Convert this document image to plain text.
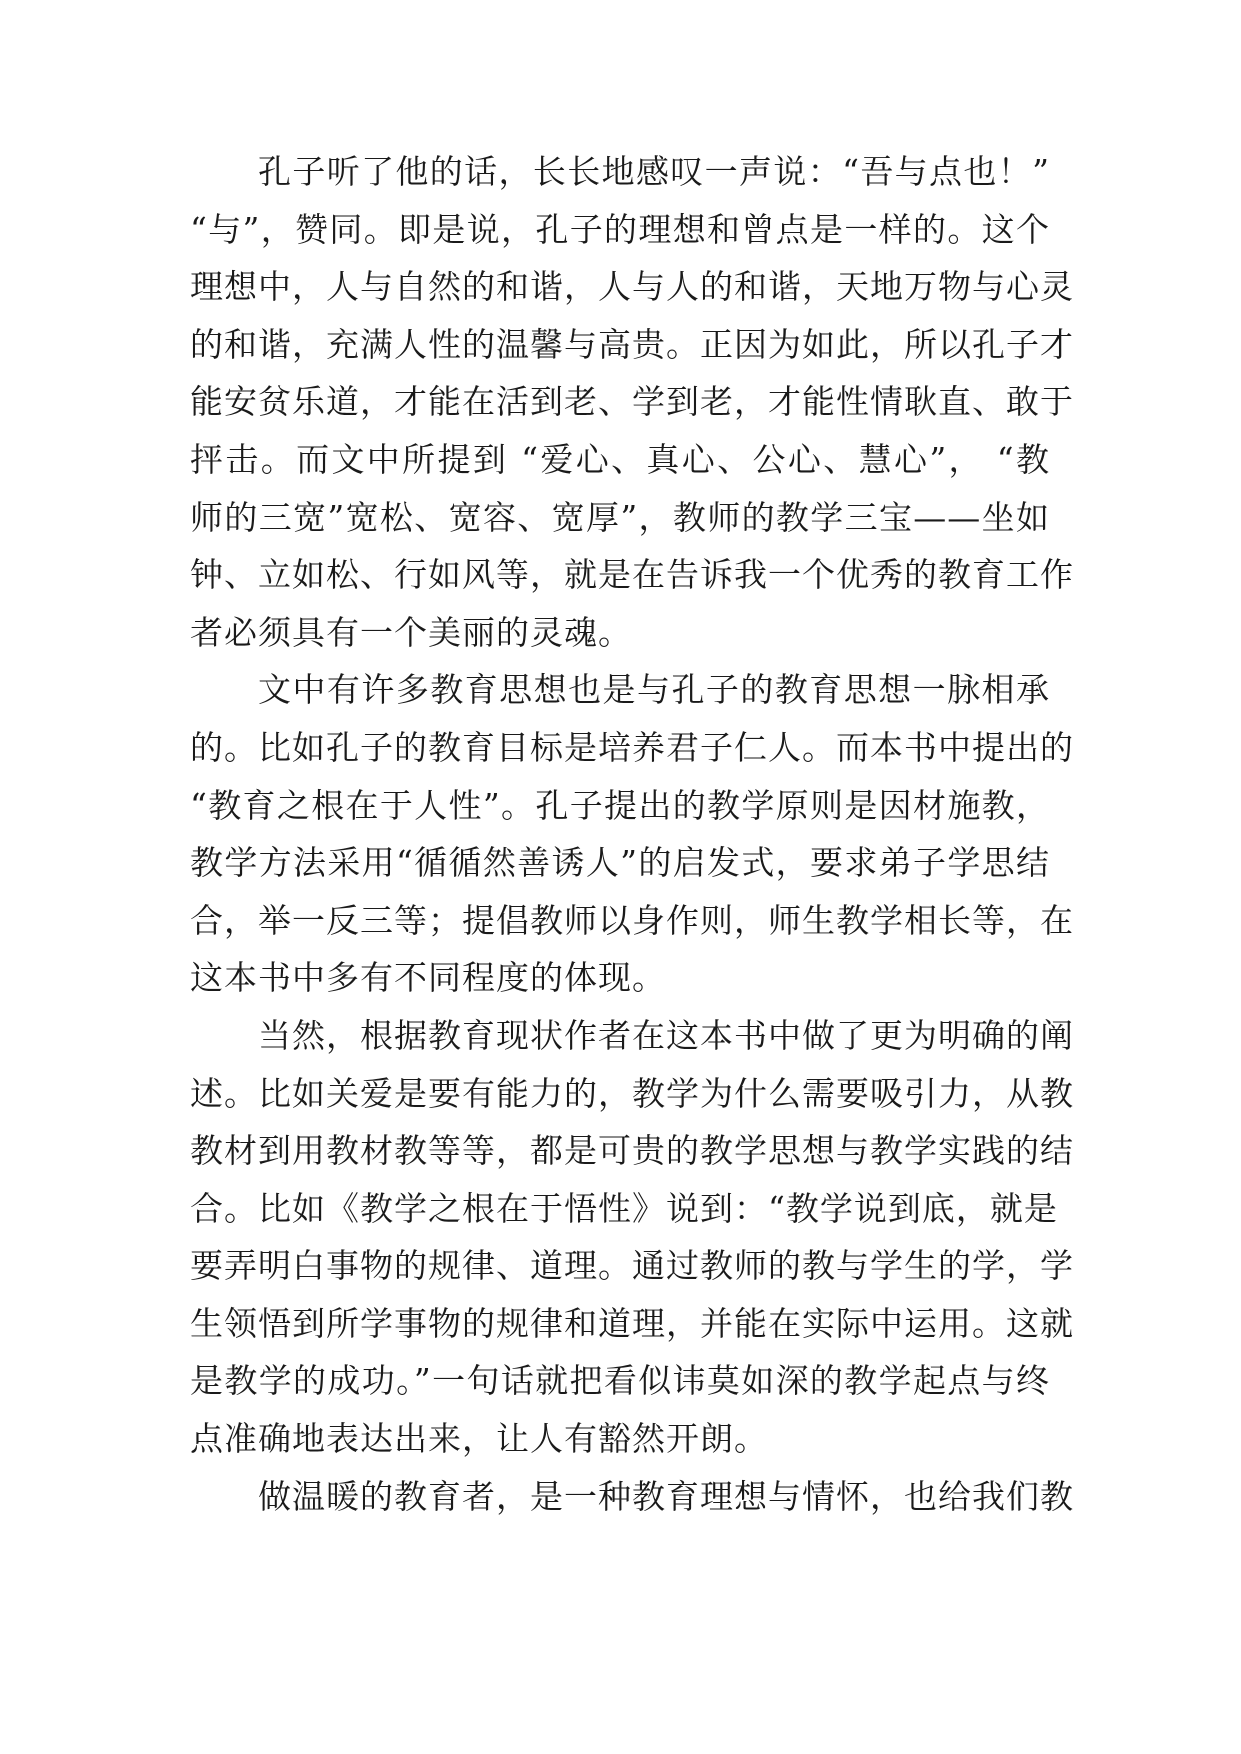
孔子听了他的话，长长地感叹一声说：“吾与点也！”
“与”，赞同。即是说，孔子的理想和曾点是一样的。这个
理想中，人与自然的和谐，人与人的和谐，天地万物与心灵
的和谐，充满人性的温馨与高贵。正因为如此，所以孔子才
能安贫乐道，才能在活到老、学到老，才能性情耿直、敢于
抨击。而文中所提到 “爱心、真心、公心、慧心”， “教
师的三宽”宽松、宽容、宽厚”，教师的教学三宝——坐如
钟、立如松、行如风等，就是在告诉我一个优秀的教育工作
者必须具有一个美丽的灵魂。
文中有许多教育思想也是与孔子的教育思想一脉相承
的。比如孔子的教育目标是培养君子仁人。而本书中提出的
“教育之根在于人性”。孔子提出的教学原则是因材施教，
教学方法采用“循循然善诱人”的启发式，要求弟子学思结
合，举一反三等；提倡教师以身作则，师生教学相长等，在
这本书中多有不同程度的体现。
当然，根据教育现状作者在这本书中做了更为明确的阐
述。比如关爱是要有能力的，教学为什么需要吸引力，从教
教材到用教材教等等，都是可贵的教学思想与教学实践的结
合。比如《教学之根在于悟性》说到：“教学说到底，就是
要弄明白事物的规律、道理。通过教师的教与学生的学，学
生领悟到所学事物的规律和道理，并能在实际中运用。这就
是教学的成功。”一句话就把看似讳莫如深的教学起点与终
点准确地表达出来，让人有豁然开朗。
做温暖的教育者，是一种教育理想与情怀，也给我们教
